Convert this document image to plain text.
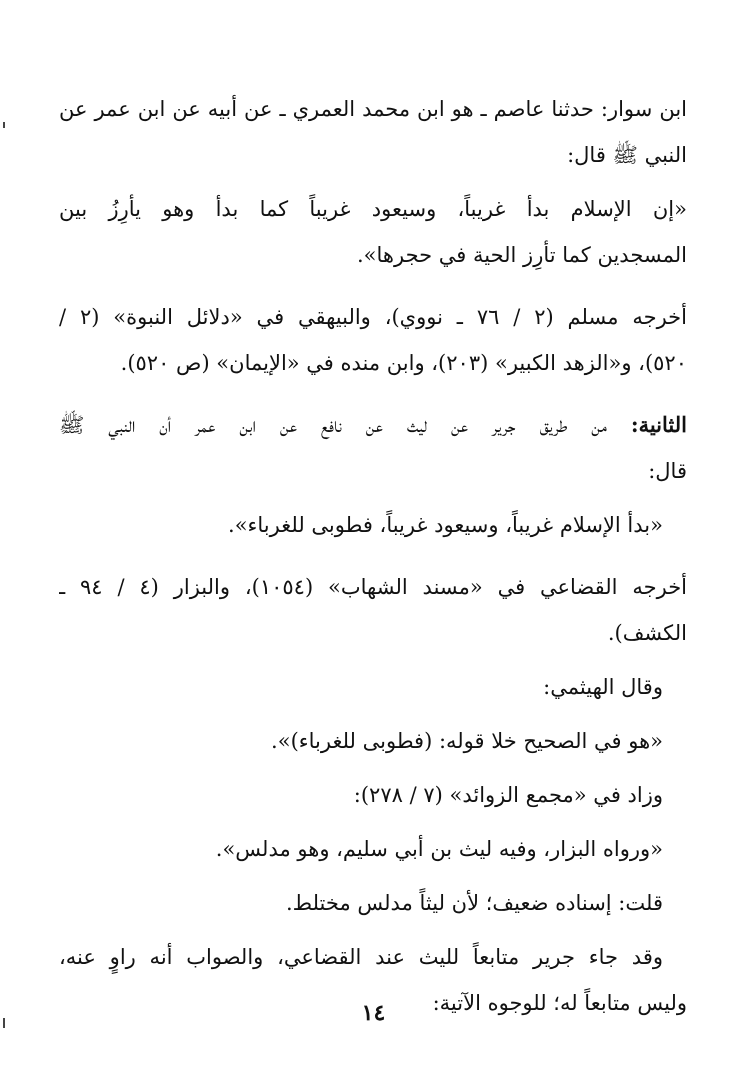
ابن سوار: حدثنا عاصم ـ هو ابن محمد العمري ـ عن أبيه عن ابن عمر عن
النبي ﷺ قال:
«إن الإسلام بدأ غريباً، وسيعود غريباً كما بدأ وهو يأرِزُ بين
المسجدين كما تأرِز الحية في حجرها».
أخرجه مسلم (٢ / ٧٦ ـ نووي)، والبيهقي في «دلائل النبوة» (٢ /
٥٢٠)، و«الزهد الكبير» (٢٠٣)، وابن منده في «الإيمان» (ص ٥٢٠).
الثانية: من طريق جرير عن ليث عن نافع عن ابن عمر أن النبي ﷺ
قال:
«بدأ الإسلام غريباً، وسيعود غريباً، فطوبى للغرباء».
أخرجه القضاعي في «مسند الشهاب» (١٠٥٤)، والبزار (٤ / ٩٤ ـ
الكشف).
وقال الهيثمي:
«هو في الصحيح خلا قوله: (فطوبى للغرباء)».
وزاد في «مجمع الزوائد» (٧ / ٢٧٨):
«ورواه البزار، وفيه ليث بن أبي سليم، وهو مدلس».
قلت: إسناده ضعيف؛ لأن ليثاً مدلس مختلط.
وقد جاء جرير متابعاً لليث عند القضاعي، والصواب أنه راوٍ عنه،
وليس متابعاً له؛ للوجوه الآتية:
١٤
